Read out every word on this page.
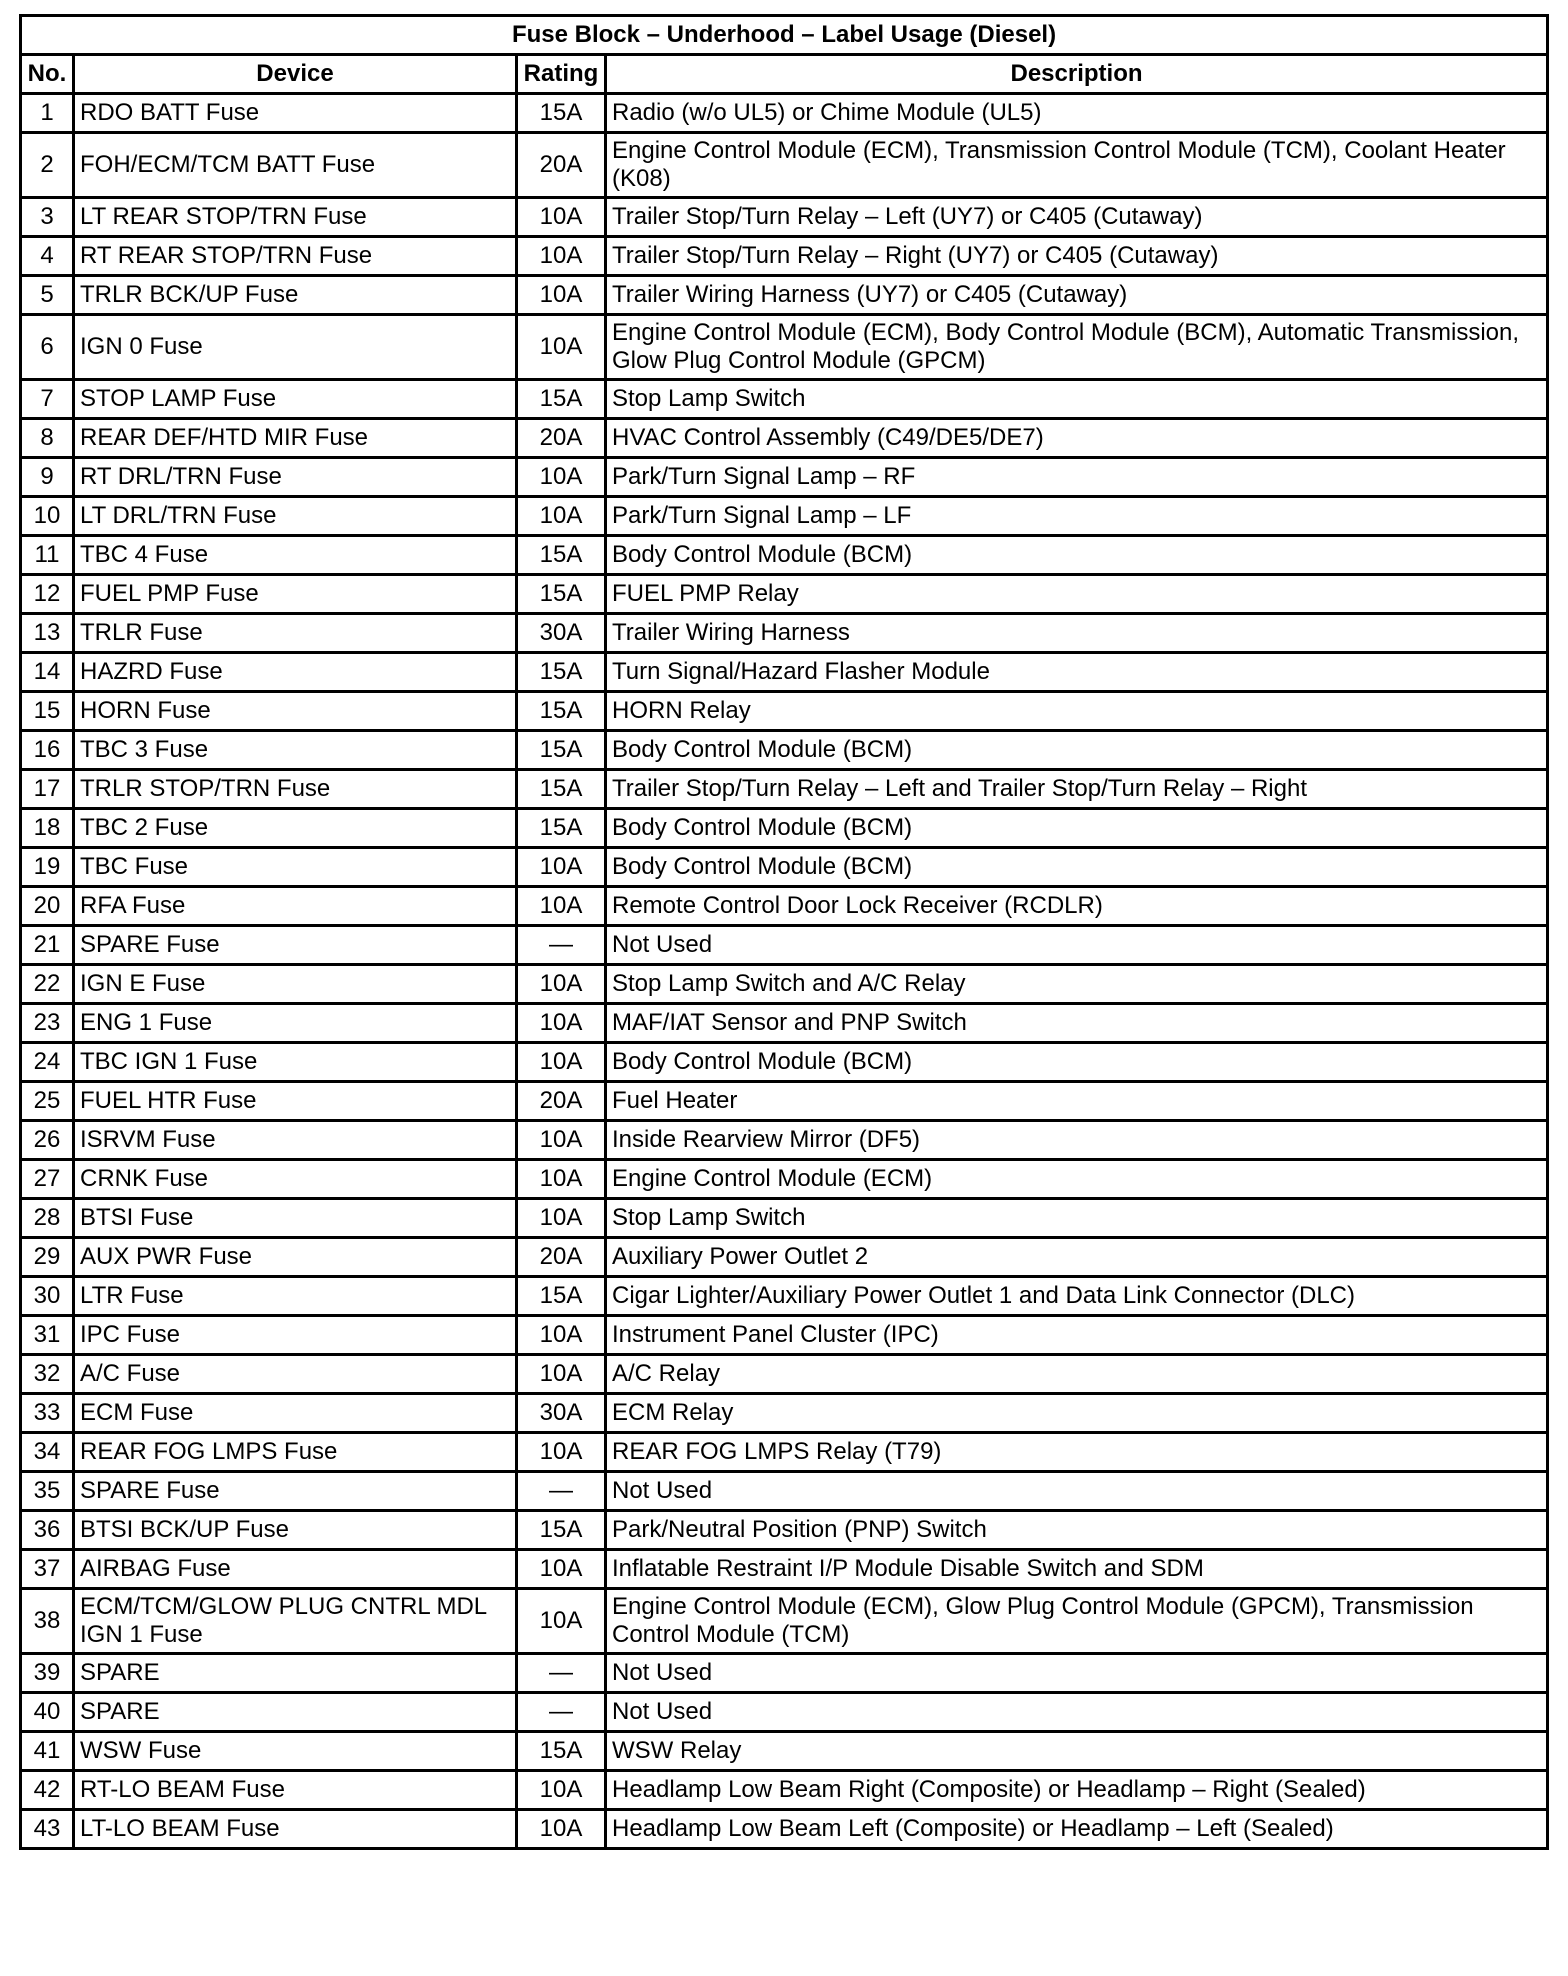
Fuse Block – Underhood – Label Usage (Diesel)			
No.	Device	Rating	Description
1	RDO BATT Fuse	15A	Radio (w/o UL5) or Chime Module (UL5)
2	FOH/ECM/TCM BATT Fuse	20A	Engine Control Module (ECM), Transmission Control Module (TCM), Coolant Heater (K08)
3	LT REAR STOP/TRN Fuse	10A	Trailer Stop/Turn Relay – Left (UY7) or C405 (Cutaway)
4	RT REAR STOP/TRN Fuse	10A	Trailer Stop/Turn Relay – Right (UY7) or C405 (Cutaway)
5	TRLR BCK/UP Fuse	10A	Trailer Wiring Harness (UY7) or C405 (Cutaway)
6	IGN 0 Fuse	10A	Engine Control Module (ECM), Body Control Module (BCM), Automatic Transmission, Glow Plug Control Module (GPCM)
7	STOP LAMP Fuse	15A	Stop Lamp Switch
8	REAR DEF/HTD MIR Fuse	20A	HVAC Control Assembly (C49/DE5/DE7)
9	RT DRL/TRN Fuse	10A	Park/Turn Signal Lamp – RF
10	LT DRL/TRN Fuse	10A	Park/Turn Signal Lamp – LF
11	TBC 4 Fuse	15A	Body Control Module (BCM)
12	FUEL PMP Fuse	15A	FUEL PMP Relay
13	TRLR Fuse	30A	Trailer Wiring Harness
14	HAZRD Fuse	15A	Turn Signal/Hazard Flasher Module
15	HORN Fuse	15A	HORN Relay
16	TBC 3 Fuse	15A	Body Control Module (BCM)
17	TRLR STOP/TRN Fuse	15A	Trailer Stop/Turn Relay – Left and Trailer Stop/Turn Relay – Right
18	TBC 2 Fuse	15A	Body Control Module (BCM)
19	TBC Fuse	10A	Body Control Module (BCM)
20	RFA Fuse	10A	Remote Control Door Lock Receiver (RCDLR)
21	SPARE Fuse	—	Not Used
22	IGN E Fuse	10A	Stop Lamp Switch and A/C Relay
23	ENG 1 Fuse	10A	MAF/IAT Sensor and PNP Switch
24	TBC IGN 1 Fuse	10A	Body Control Module (BCM)
25	FUEL HTR Fuse	20A	Fuel Heater
26	ISRVM Fuse	10A	Inside Rearview Mirror (DF5)
27	CRNK Fuse	10A	Engine Control Module (ECM)
28	BTSI Fuse	10A	Stop Lamp Switch
29	AUX PWR Fuse	20A	Auxiliary Power Outlet 2
30	LTR Fuse	15A	Cigar Lighter/Auxiliary Power Outlet 1 and Data Link Connector (DLC)
31	IPC Fuse	10A	Instrument Panel Cluster (IPC)
32	A/C Fuse	10A	A/C Relay
33	ECM Fuse	30A	ECM Relay
34	REAR FOG LMPS Fuse	10A	REAR FOG LMPS Relay (T79)
35	SPARE Fuse	—	Not Used
36	BTSI BCK/UP Fuse	15A	Park/Neutral Position (PNP) Switch
37	AIRBAG Fuse	10A	Inflatable Restraint I/P Module Disable Switch and SDM
38	ECM/TCM/GLOW PLUG CNTRL MDL IGN 1 Fuse	10A	Engine Control Module (ECM), Glow Plug Control Module (GPCM), Transmission Control Module (TCM)
39	SPARE	—	Not Used
40	SPARE	—	Not Used
41	WSW Fuse	15A	WSW Relay
42	RT-LO BEAM Fuse	10A	Headlamp Low Beam Right (Composite) or Headlamp – Right (Sealed)
43	LT-LO BEAM Fuse	10A	Headlamp Low Beam Left (Composite) or Headlamp – Left (Sealed)
